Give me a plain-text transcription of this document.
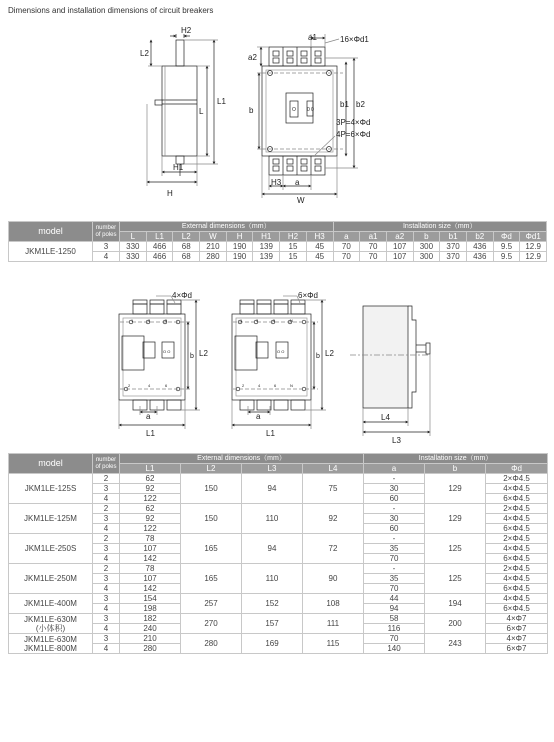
Dimensions and installation dimensions of circuit breakers
H2
L2
L
L1
H1
H
a1	16×Φd1
a2
b
b1 b2
3P=4×Φd
4P=6×Φd
H3 a
W
O 0 0
model	number of poles	External dimensions（mm）								Installation size（mm）							
		L	L1	L2	W	H	H1	H2	H3	a	a1	a2	b	b1	b2	Φd	Φd1
JKM1LE-1250	3	330	466	68	210	190	139	15	45	70	70	107	300	370	436	9.5	12.9
	4	330	466	68	280	190	139	15	45	70	70	107	300	370	436	9.5	12.9
1	3	5
2	4	6
1	3	5	N
2	4	6	N
O O	O O
4×Φd	6×Φd
L2
b	L2
b
a	a
L1	L1
L4
L3
model	number of poles	External dimensions（mm）				Installation size（mm）		
		L1	L2	L3	L4	a	b	Φd
JKM1LE-125S	2	62	150	94	75	-	129	2×Φ4.5
	3	92				30		4×Φ4.5
	4	122				60		6×Φ4.5
JKM1LE-125M	2	62	150	110	92	-	129	2×Φ4.5
	3	92				30		4×Φ4.5
	4	122				60		6×Φ4.5
JKM1LE-250S	2	78	165	94	72	-	125	2×Φ4.5
	3	107				35		4×Φ4.5
	4	142				70		6×Φ4.5
JKM1LE-250M	2	78	165	110	90	-	125	2×Φ4.5
	3	107				35		4×Φ4.5
	4	142				70		6×Φ4.5
JKM1LE-400M	3	154	257	152	108	44	194	4×Φ4.5
	4	198				94		6×Φ4.5
JKM1LE-630M
(小体积)	3	182	270	157	111	58	200	4×Φ7
	4	240				116		6×Φ7
JKM1LE-630M
JKM1LE-800M	3	210	280	169	115	70	243	4×Φ7
	4	280				140		6×Φ7
